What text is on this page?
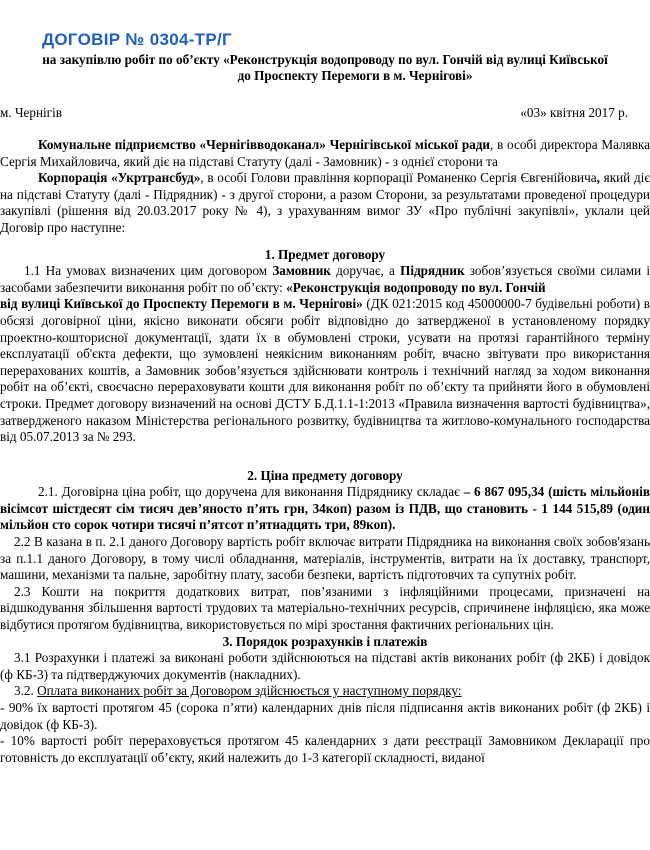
ДОГОВІР № 0304-ТР/Г
на закупівлю робіт по об’єкту «Реконструкція водопроводу по вул. Гончій від вулиці Київської
до Проспекту Перемоги в м. Чернігові»
м. Чернігів	«03» квітня 2017 р.

Комунальне підприємство «Чернігівводоканал» Чернігівської міської ради, в особі директора Малявка Сергія Михайловича, який діє на підставі Статуту (далі - Замовник) - з однієї сторони та

Корпорація «Укртрансбуд», в особі Голови правління корпорації Романенко Сергія Євгенійовича, який діє на підставі Статуту (далі - Підрядник) - з другої сторони, а разом Сторони, за результатами проведеної процедури закупівлі (рішення від 20.03.2017 року № 4), з урахуванням вимог ЗУ «Про публічні закупівлі», уклали цей Договір про наступне:

1. Предмет договору

1.1 На умовах визначених цим договором Замовник доручає, а Підрядник зобов’язується своїми силами і засобами забезпечити виконання робіт по об’єкту: «Реконструкція водопроводу по вул. Гончій

від вулиці Київської до Проспекту Перемоги в м. Чернігові» (ДК 021:2015 код 45000000-7 будівельні роботи) в обсязі договірної ціни, якісно виконати обсяги робіт відповідно до затвердженої в установленому порядку проектно-кошторисної документації, здати їх в обумовлені строки, усувати на протязі гарантійного терміну експлуатації об'єкта дефекти, що зумовлені неякісним виконанням робіт, вчасно звітувати про використання перерахованих коштів, а Замовник зобов’язується здійснювати контроль і технічний нагляд за ходом виконання робіт на об’єкті, своєчасно перераховувати кошти для виконання робіт по об’єкту та прийняти його в обумовлені строки. Предмет договору визначений на основі ДСТУ Б.Д.1.1-1:2013 «Правила визначення вартості будівництва», затвердженого наказом Міністерства регіонального розвитку, будівництва та житлово-комунального господарства від 05.07.2013 за № 293.

2. Ціна предмету договору

2.1. Договірна ціна робіт, що доручена для виконання Підряднику складає – 6 867 095,34 (шість мільйонів вісімсот шістдесят сім тисяч дев’яносто п’ять грн, 34коп) разом із ПДВ, що становить - 1 144 515,89 (один мільйон сто сорок чотири тисячі п’ятсот п’ятнадцять три, 89коп).

2.2 В казана в п. 2.1 даного Договору вартість робіт включає витрати Підрядника на виконання своїх зобов'язань за п.1.1 даного Договору, в тому числі обладнання, матеріалів, інструментів, витрати на їх доставку, транспорт, машини, механізми та пальне, заробітну плату, засоби безпеки, вартість підготовчих та супутніх робіт.

2.3 Кошти на покриття додаткових витрат, пов’язаними з інфляційними процесами, призначені на відшкодування збільшення вартості трудових та матеріально-технічних ресурсів, спричинене інфляцією, яка може відбутися протягом будівництва, використовується по мірі зростання фактичних регіональних цін.

3. Порядок розрахунків і платежів

3.1 Розрахунки і платежі за виконані роботи здійснюються на підставі актів виконаних робіт (ф 2КБ) і довідок (ф КБ-3) та підтверджуючих документів (накладних).

3.2. Оплата виконаних робіт за Договором здійснюється у наступному порядку:

- 90% їх вартості протягом 45 (сорока п’яти) календарних днів після підписання актів виконаних робіт (ф 2КБ) і довідок (ф КБ-3).

- 10% вартості робіт перераховується протягом 45 календарних з дати реєстрації Замовником Декларації про готовність до експлуатації об’єкту, який належить до 1-3 категорії складності, виданої
